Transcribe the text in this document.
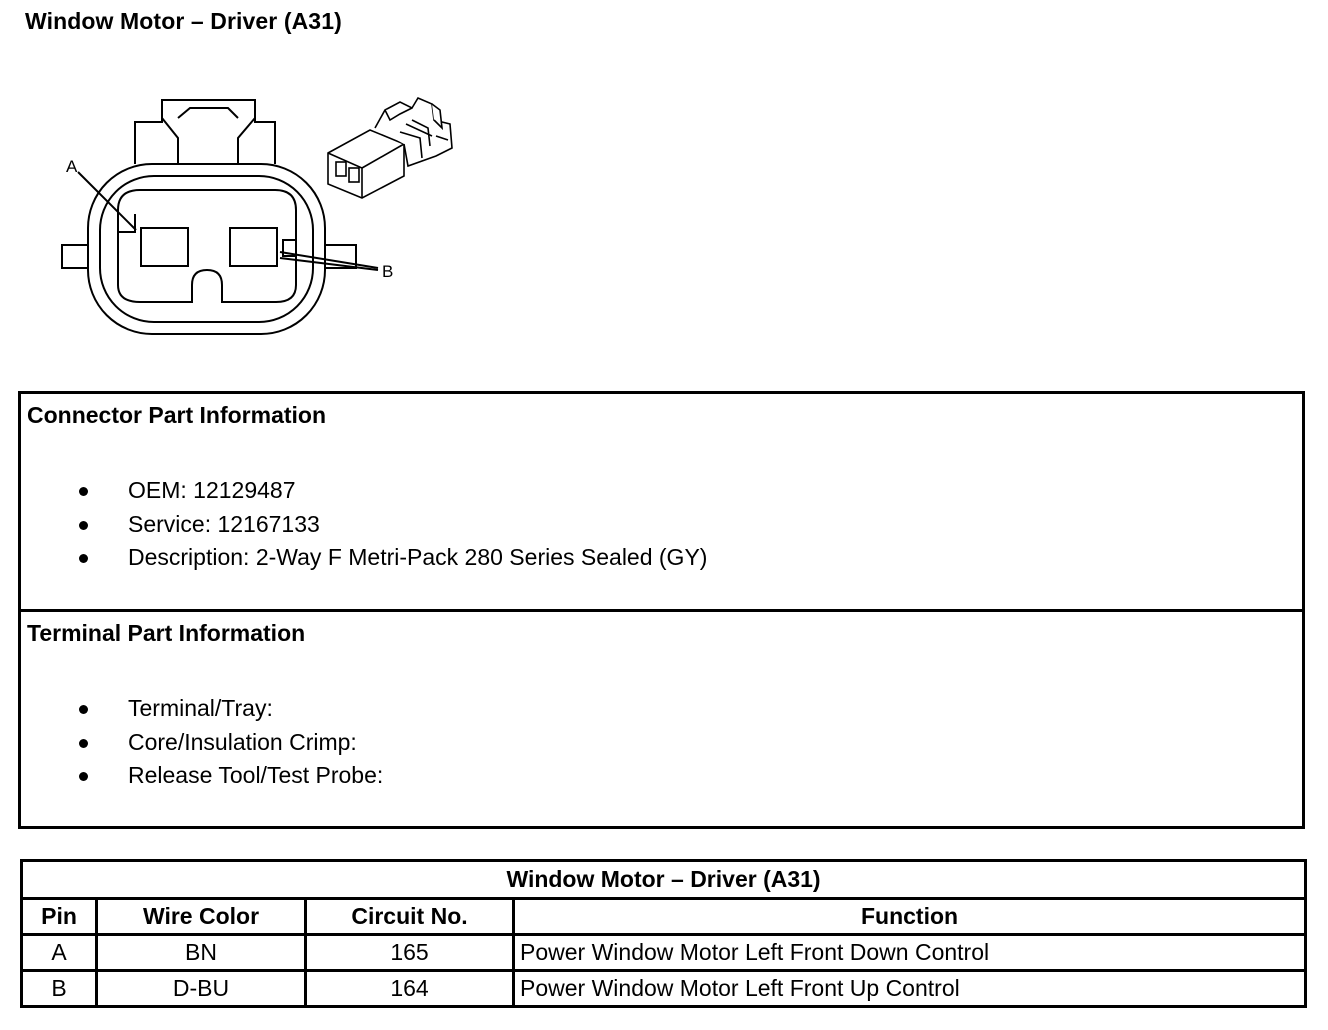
Window Motor – Driver (A31)
A
B
Connector Part Information
OEM: 12129487
Service: 12167133
Description: 2-Way F Metri-Pack 280 Series Sealed (GY)
Terminal Part Information
Terminal/Tray:
Core/Insulation Crimp:
Release Tool/Test Probe:
Window Motor – Driver (A31)			
Pin	Wire Color	Circuit No.	Function
A	BN	165	Power Window Motor Left Front Down Control
B	D-BU	164	Power Window Motor Left Front Up Control
